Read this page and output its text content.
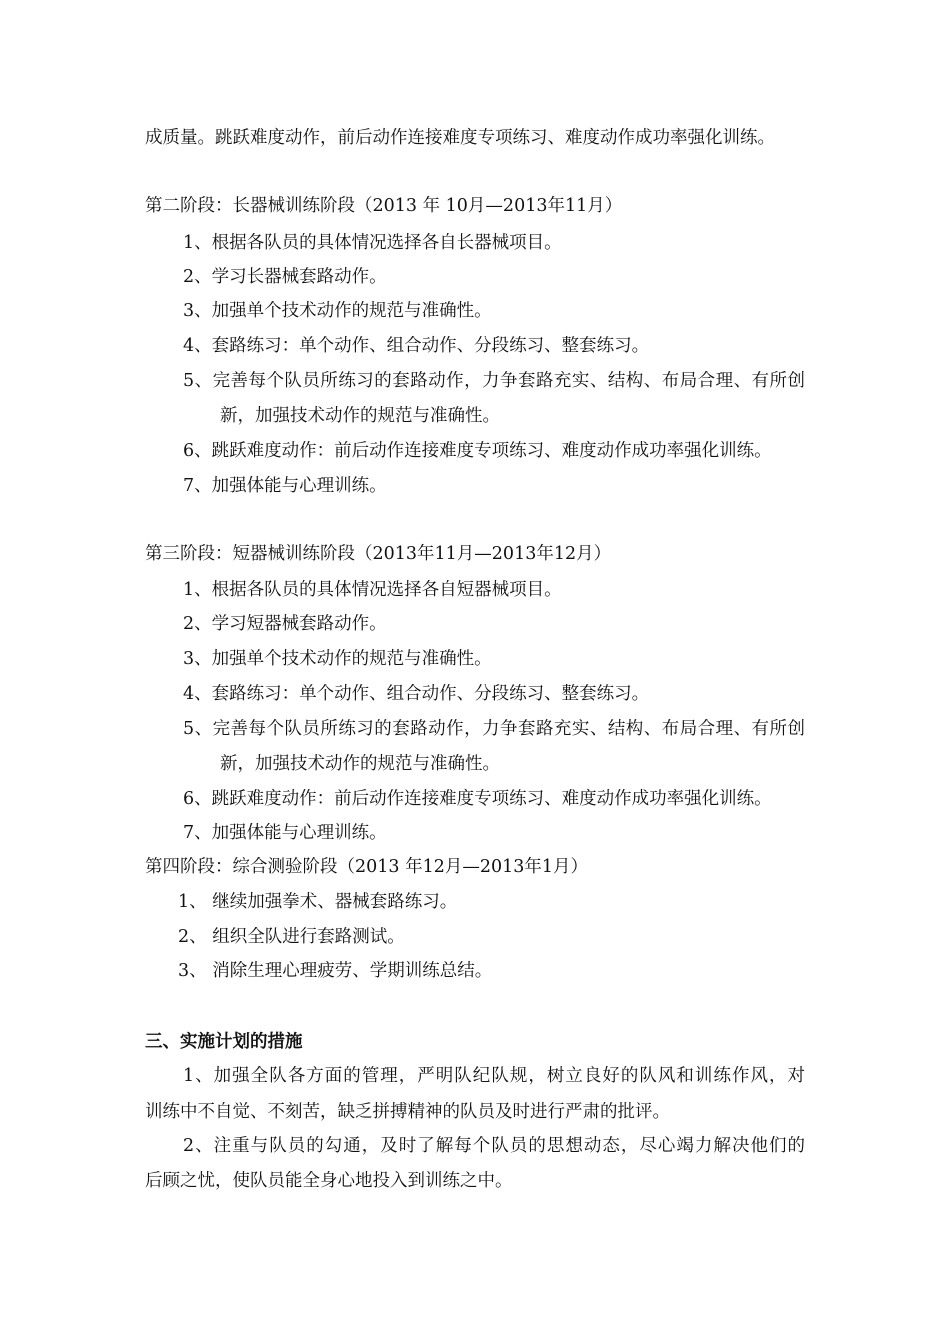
成质量。跳跃难度动作，前后动作连接难度专项练习、难度动作成功率强化训练。
第二阶段：长器械训练阶段（2013 年 10月—2013年11月）
1、根据各队员的具体情况选择各自长器械项目。
2、学习长器械套路动作。
3、加强单个技术动作的规范与准确性。
4、套路练习：单个动作、组合动作、分段练习、整套练习。
5、完善每个队员所练习的套路动作，力争套路充实、结构、布局合理、有所创
新，加强技术动作的规范与准确性。
6、跳跃难度动作：前后动作连接难度专项练习、难度动作成功率强化训练。
7、加强体能与心理训练。
第三阶段：短器械训练阶段（2013年11月—2013年12月）
1、根据各队员的具体情况选择各自短器械项目。
2、学习短器械套路动作。
3、加强单个技术动作的规范与准确性。
4、套路练习：单个动作、组合动作、分段练习、整套练习。
5、完善每个队员所练习的套路动作，力争套路充实、结构、布局合理、有所创
新，加强技术动作的规范与准确性。
6、跳跃难度动作：前后动作连接难度专项练习、难度动作成功率强化训练。
7、加强体能与心理训练。
第四阶段：综合测验阶段（2013 年12月—2013年1月）
1、 继续加强拳术、器械套路练习。
2、 组织全队进行套路测试。
3、 消除生理心理疲劳、学期训练总结。
三、实施计划的措施
1、加强全队各方面的管理，严明队纪队规，树立良好的队风和训练作风，对
训练中不自觉、不刻苦，缺乏拼搏精神的队员及时进行严肃的批评。
2、注重与队员的勾通，及时了解每个队员的思想动态，尽心竭力解决他们的
后顾之忧，使队员能全身心地投入到训练之中。
